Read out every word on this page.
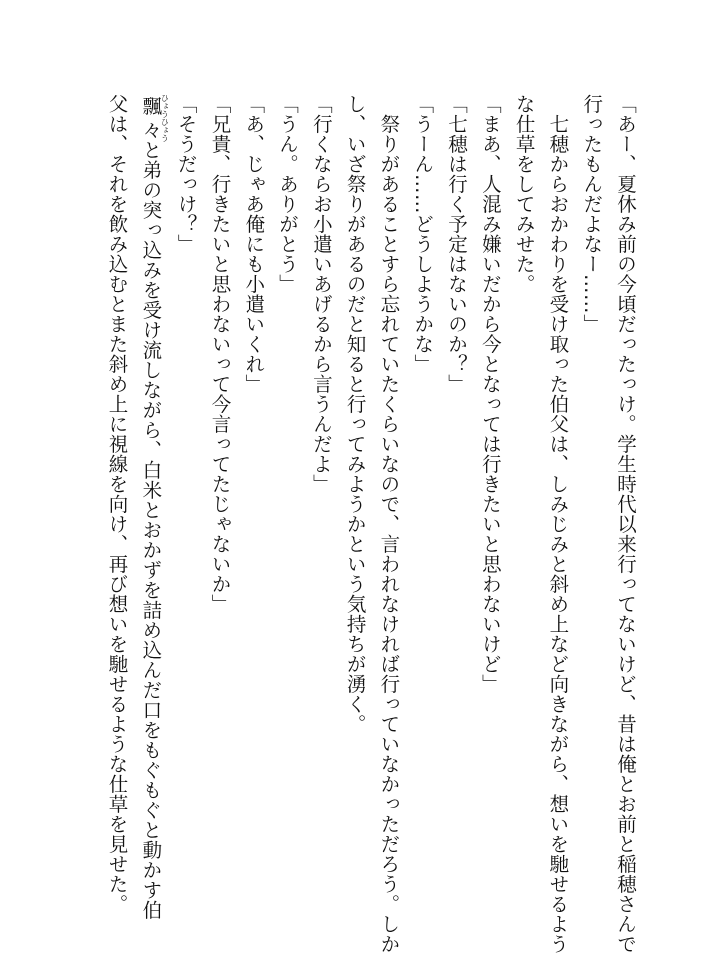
「あー、夏休み前の今頃だったっけ。学生時代以来行ってないけど、昔は俺とお前と稲穂さんで

行ったもんだよなー……」

七穂からおかわりを受け取った伯父は、しみじみと斜め上など向きながら、想いを馳せるよう

な仕草をしてみせた。

「まあ、人混み嫌いだから今となっては行きたいと思わないけど」

「七穂は行く予定はないのか？」

「うーん……どうしようかな」

祭りがあることすら忘れていたくらいなので、言われなければ行っていなかっただろう。しか

し、いざ祭りがあるのだと知ると行ってみようかという気持ちが湧く。

「行くならお小遣いあげるから言うんだよ」

「うん。ありがとう」

「あ、じゃあ俺にも小遣いくれ」

「兄貴、行きたいと思わないって今言ってたじゃないか」

「そうだっけ？」

飄々ひょうひょうと弟の突っ込みを受け流しながら、白米とおかずを詰め込んだ口をもぐもぐと動かす伯

父は、それを飲み込むとまた斜め上に視線を向け、再び想いを馳せるような仕草を見せた。
